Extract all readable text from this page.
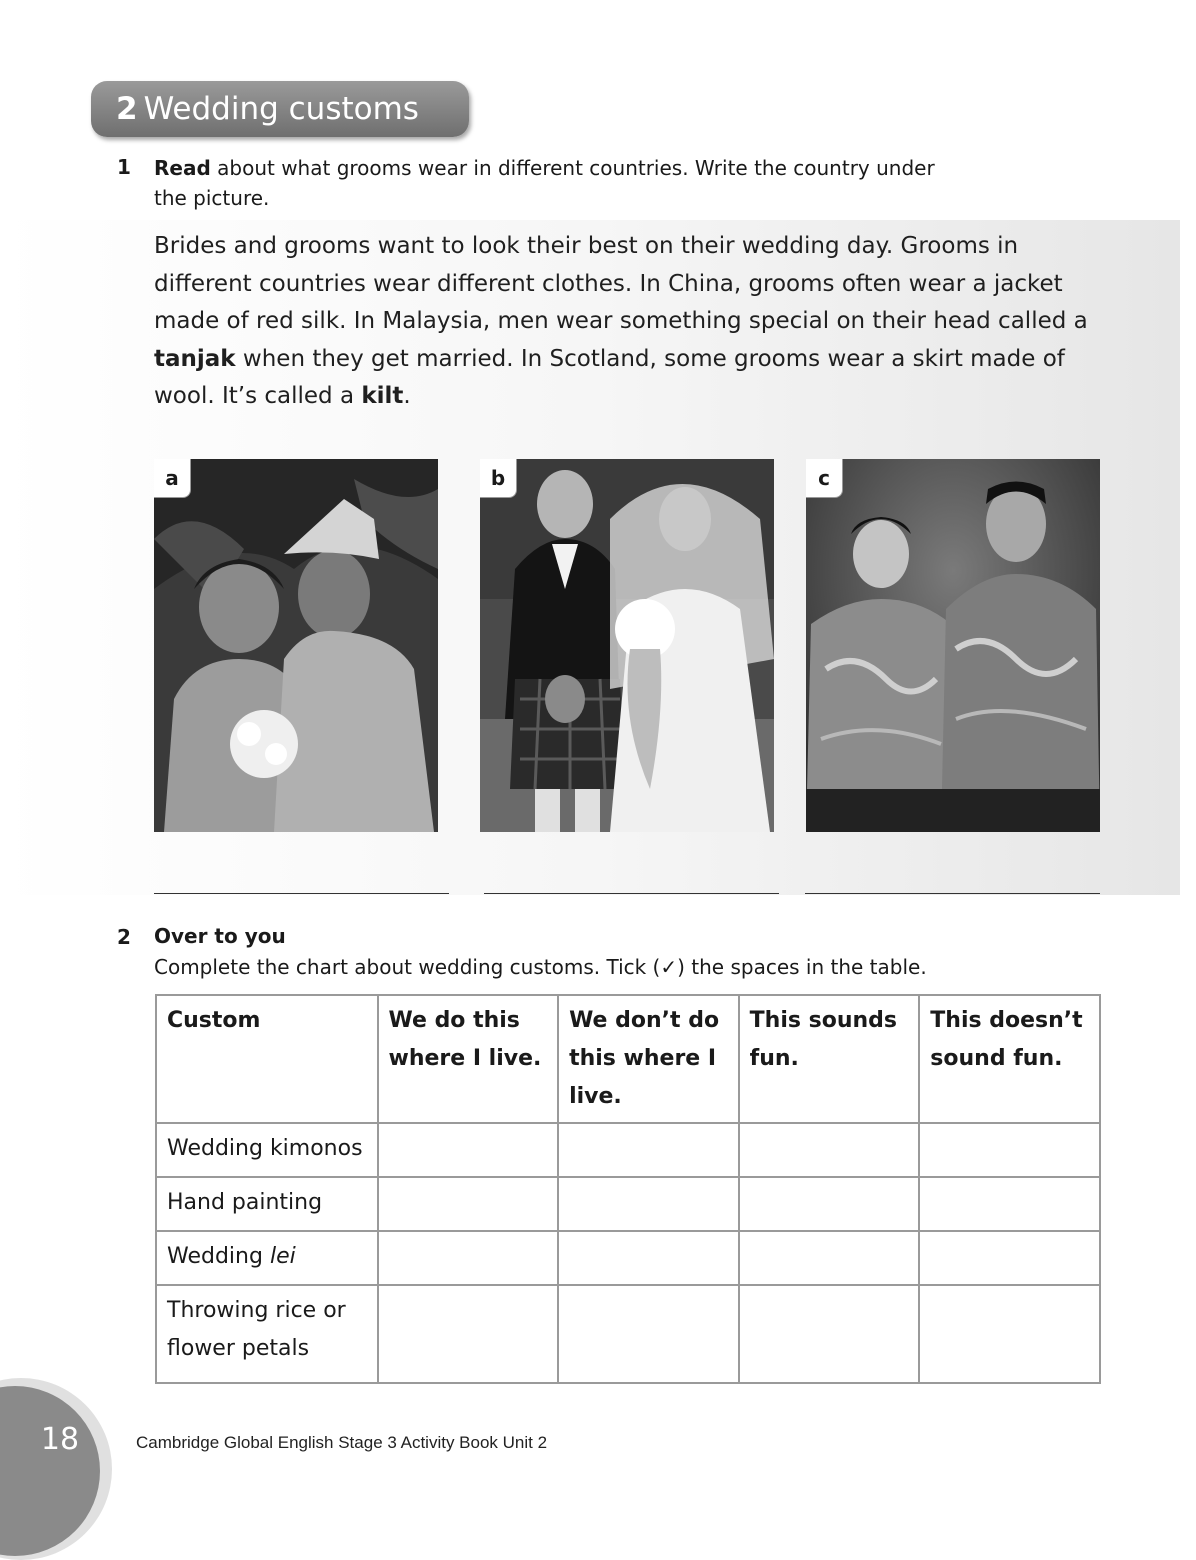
2 Wedding customs
1 Read about what grooms wear in different countries. Write the country under
the picture.
Brides and grooms want to look their best on their wedding day. Grooms in different countries wear different clothes. In China, grooms often wear a jacket made of red silk. In Malaysia, men wear something special on their head called a tanjak when they get married. In Scotland, some grooms wear a skirt made of wool. It’s called a kilt.
a	b	c
2 Over to you
Complete the chart about wedding customs. Tick (✓) the spaces in the table.
Custom	We do this where I live.	We don’t do this where I live.	This sounds fun.	This doesn’t sound fun.
Wedding kimonos				
Hand painting				
Wedding lei				
Throwing rice or flower petals				
18	Cambridge Global English Stage 3 Activity Book Unit 2
